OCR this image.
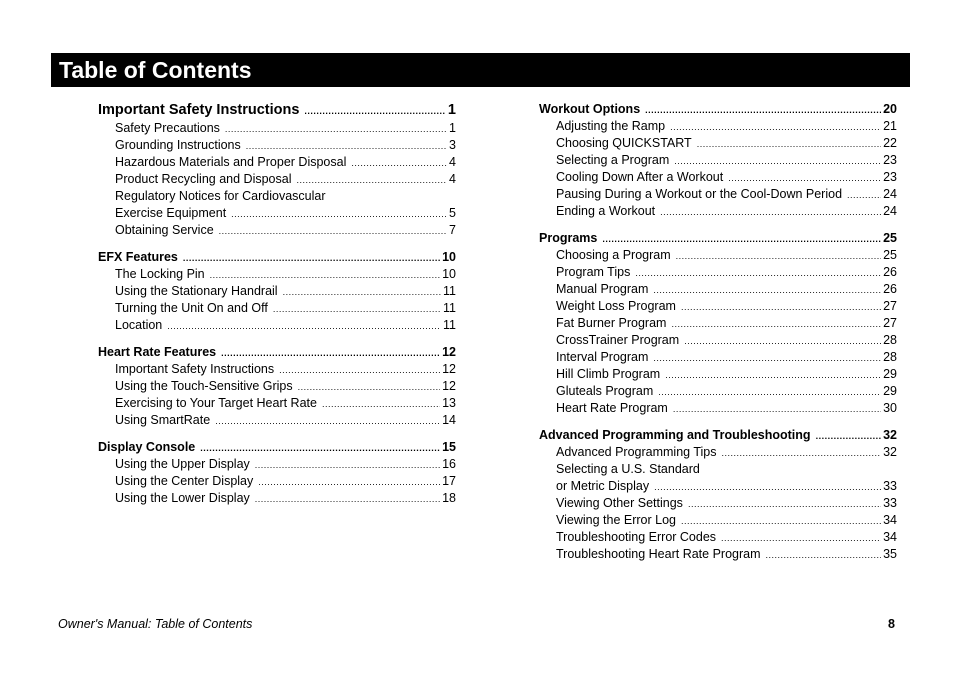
Table of Contents
Important Safety Instructions .....	1
Safety Precautions .....	1
Grounding Instructions .....	3
Hazardous Materials and Proper Disposal .....	4
Product Recycling and Disposal .....	4
Regulatory Notices for Cardiovascular
Exercise Equipment .....	5
Obtaining Service .....	7
EFX Features .....	10
The Locking Pin .....	10
Using the Stationary Handrail .....	11
Turning the Unit On and Off .....	11
Location .....	11
Heart Rate Features .....	12
Important Safety Instructions .....	12
Using the Touch-Sensitive Grips .....	12
Exercising to Your Target Heart Rate .....	13
Using SmartRate .....	14
Display Console .....	15
Using the Upper Display .....	16
Using the Center Display .....	17
Using the Lower Display .....	18
Workout Options .....	20
Adjusting the Ramp .....	21
Choosing QUICKSTART .....	22
Selecting a Program .....	23
Cooling Down After a Workout .....	23
Pausing During a Workout or the Cool-Down Period .....	24
Ending a Workout .....	24
Programs .....	25
Choosing a Program .....	25
Program Tips .....	26
Manual Program .....	26
Weight Loss Program .....	27
Fat Burner Program .....	27
CrossTrainer Program .....	28
Interval Program .....	28
Hill Climb Program .....	29
Gluteals Program .....	29
Heart Rate Program .....	30
Advanced Programming and Troubleshooting .....	32
Advanced Programming Tips .....	32
Selecting a U.S. Standard
or Metric Display .....	33
Viewing Other Settings .....	33
Viewing the Error Log .....	34
Troubleshooting Error Codes .....	34
Troubleshooting Heart Rate Program .....	35
Owner's Manual: Table of Contents	8
